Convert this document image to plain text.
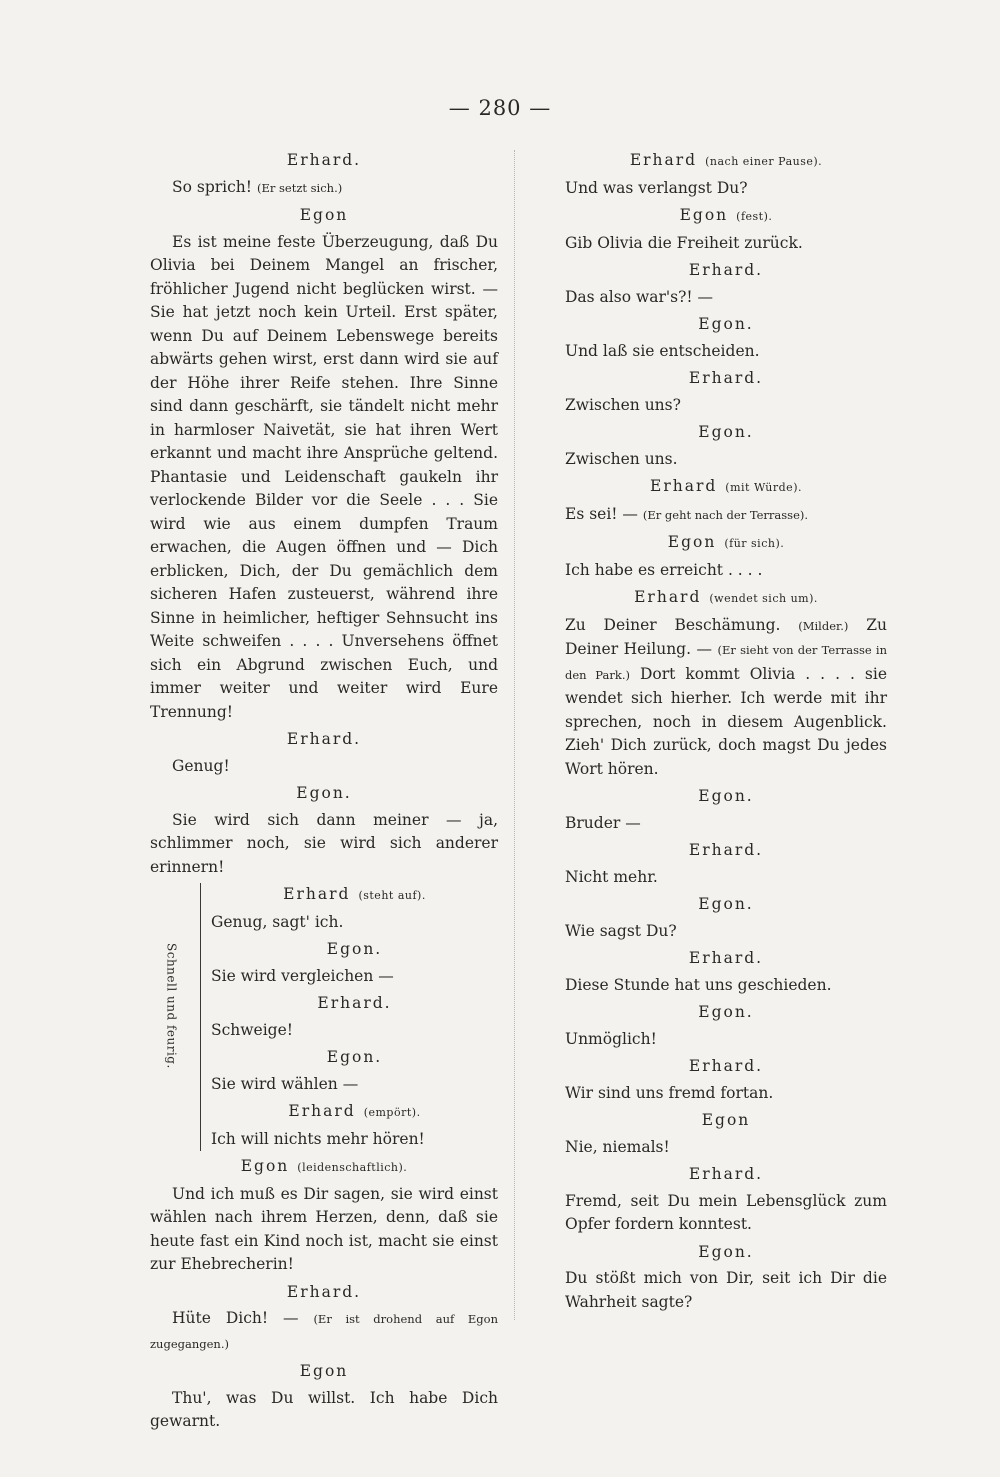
— 280 —
Erhard.
So sprich! (Er setzt sich.)
Egon
Es ist meine feste Überzeugung, daß Du Olivia bei Deinem Mangel an frischer, fröhlicher Jugend nicht beglücken wirst. — Sie hat jetzt noch kein Urteil. Erst später, wenn Du auf Deinem Lebenswege bereits abwärts gehen wirst, erst dann wird sie auf der Höhe ihrer Reife stehen. Ihre Sinne sind dann geschärft, sie tändelt nicht mehr in harmloser Naivetät, sie hat ihren Wert erkannt und macht ihre Ansprüche geltend. Phantasie und Leidenschaft gaukeln ihr verlockende Bilder vor die Seele . . . Sie wird wie aus einem dumpfen Traum erwachen, die Augen öffnen und — Dich erblicken, Dich, der Du gemächlich dem sicheren Hafen zusteuerst, während ihre Sinne in heimlicher, heftiger Sehnsucht ins Weite schweifen . . . . Unversehens öffnet sich ein Abgrund zwischen Euch, und immer weiter und weiter wird Eure Trennung!
Erhard.
Genug!
Egon.
Sie wird sich dann meiner — ja, schlimmer noch, sie wird sich anderer erinnern!
Schnell und feurig.
Erhard (steht auf).
Genug, sagt' ich.
Egon.
Sie wird vergleichen —
Erhard.
Schweige!
Egon.
Sie wird wählen —
Erhard (empört).
Ich will nichts mehr hören!
Egon (leidenschaftlich).
Und ich muß es Dir sagen, sie wird einst wählen nach ihrem Herzen, denn, daß sie heute fast ein Kind noch ist, macht sie einst zur Ehebrecherin!
Erhard.
Hüte Dich! — (Er ist drohend auf Egon zugegangen.)
Egon
Thu', was Du willst. Ich habe Dich gewarnt.
Erhard (nach einer Pause).
Und was verlangst Du?
Egon (fest).
Gib Olivia die Freiheit zurück.
Erhard.
Das also war's?! —
Egon.
Und laß sie entscheiden.
Erhard.
Zwischen uns?
Egon.
Zwischen uns.
Erhard (mit Würde).
Es sei! — (Er geht nach der Terrasse).
Egon (für sich).
Ich habe es erreicht . . . .
Erhard (wendet sich um).
Zu Deiner Beschämung. (Milder.) Zu Deiner Heilung. — (Er sieht von der Terrasse in den Park.) Dort kommt Olivia . . . . sie wendet sich hierher. Ich werde mit ihr sprechen, noch in diesem Augenblick. Zieh' Dich zurück, doch magst Du jedes Wort hören.
Egon.
Bruder —
Erhard.
Nicht mehr.
Egon.
Wie sagst Du?
Erhard.
Diese Stunde hat uns geschieden.
Egon.
Unmöglich!
Erhard.
Wir sind uns fremd fortan.
Egon
Nie, niemals!
Erhard.
Fremd, seit Du mein Lebensglück zum Opfer fordern konntest.
Egon.
Du stößt mich von Dir, seit ich Dir die Wahrheit sagte?
